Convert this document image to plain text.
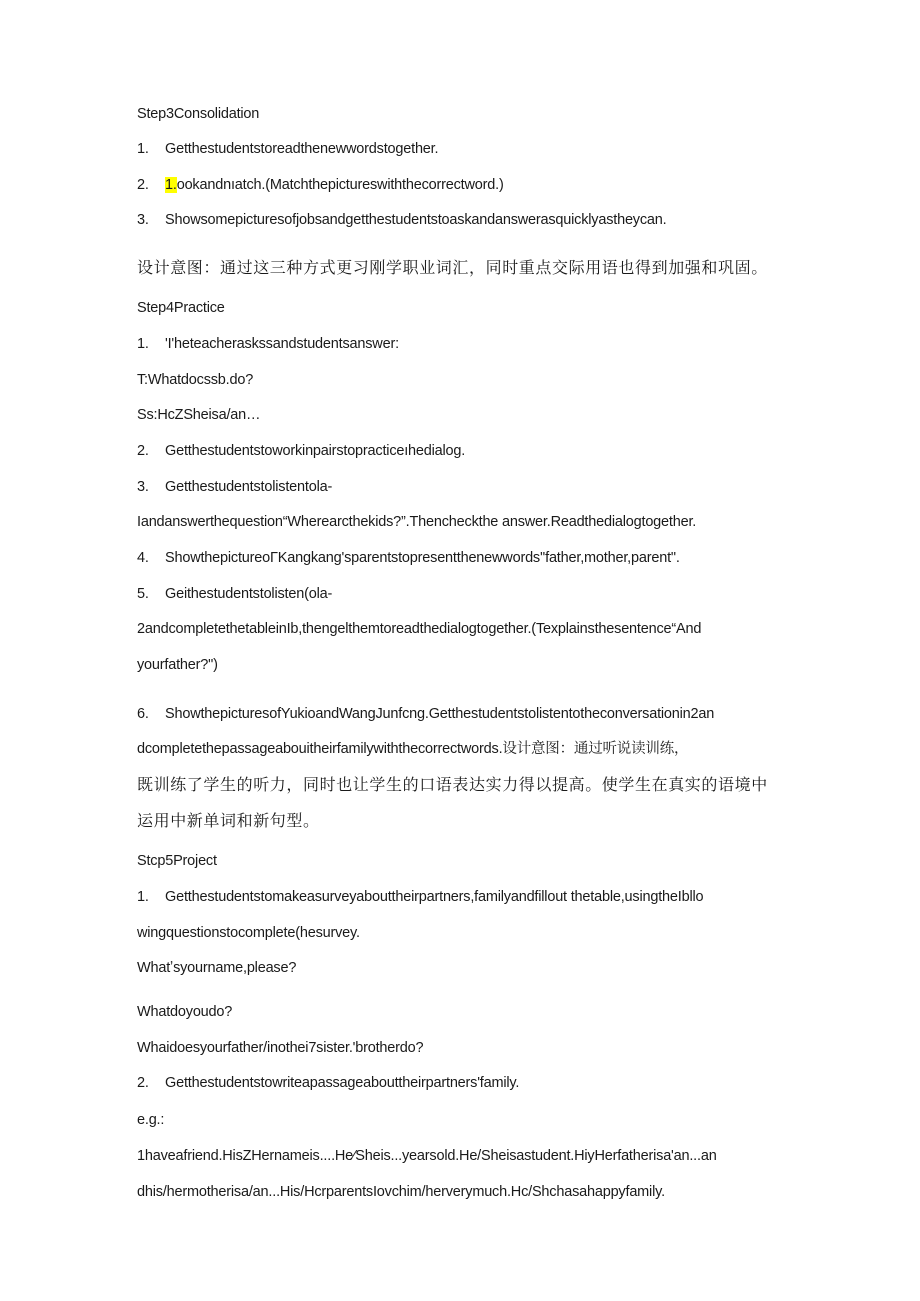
Step3Consolidation
1. Getthestudentstoreadthenewwordstogether.
2. 1.ookandnıatch.(Matchthepictureswiththecorrectword.)
3. Showsomepicturesofjobsandgetthestudentstoaskandanswerasquicklyastheycan.
设计意图：通过这三种方式更习刚学职业词汇，同时重点交际用语也得到加强和巩固。
Step4Practice
1. 'I'heteacheraskssandstudentsanswer:
T:Whatdocssb.do?
Ss:HcZSheisa/an…
2. Getthestudentstoworkinpairstopracticeıhedialog.
3. Getthestudentstolistentola-
Iandanswerthequestion“Wherearcthekids?”.Thencheckthe answer.Readthedialogtogether.
4. ShowthepictureoΓKangkang'sparentstopresentthenewwords''father,mother,parent".
5. Geithestudentstolisten(ola-
2andcompletethetableinIb,thengelthemtoreadthedialogtogether.(Texplainsthesentence“And
yourfather?")
6. ShowthepicturesofYukioandWangJunfcng.Getthestudentstolistentotheconversationin2an
dcompletethepassageabouitheirfamilywiththecorrectwords.设计意图：通过听说读训练，
既训练了学生的听力，同时也让学生的口语表达实力得以提高。使学生在真实的语境中
运用中新单词和新句型。
Stcp5Project
1. Getthestudentstomakeasurveyabouttheirpartners,familyandfillout thetable,usingtheIbllo
wingquestionstocomplete(hesurvey.
Whatʼsyourname,please?
Whatdoyoudo?
Whaidoesyourfather/inothei7sister.'brotherdo?
2. Getthestudentstowriteapassageabouttheirpartners'family.
e.g.:
1haveafriend.HisZHernameis....He⁄Sheis...yearsold.He/Sheisastudent.HiyHerfatherisa'an...an
dhis/hermotherisa/an...His/HcrparentsIovchim/herverymuch.Hc/Shchasahappyfamily.
